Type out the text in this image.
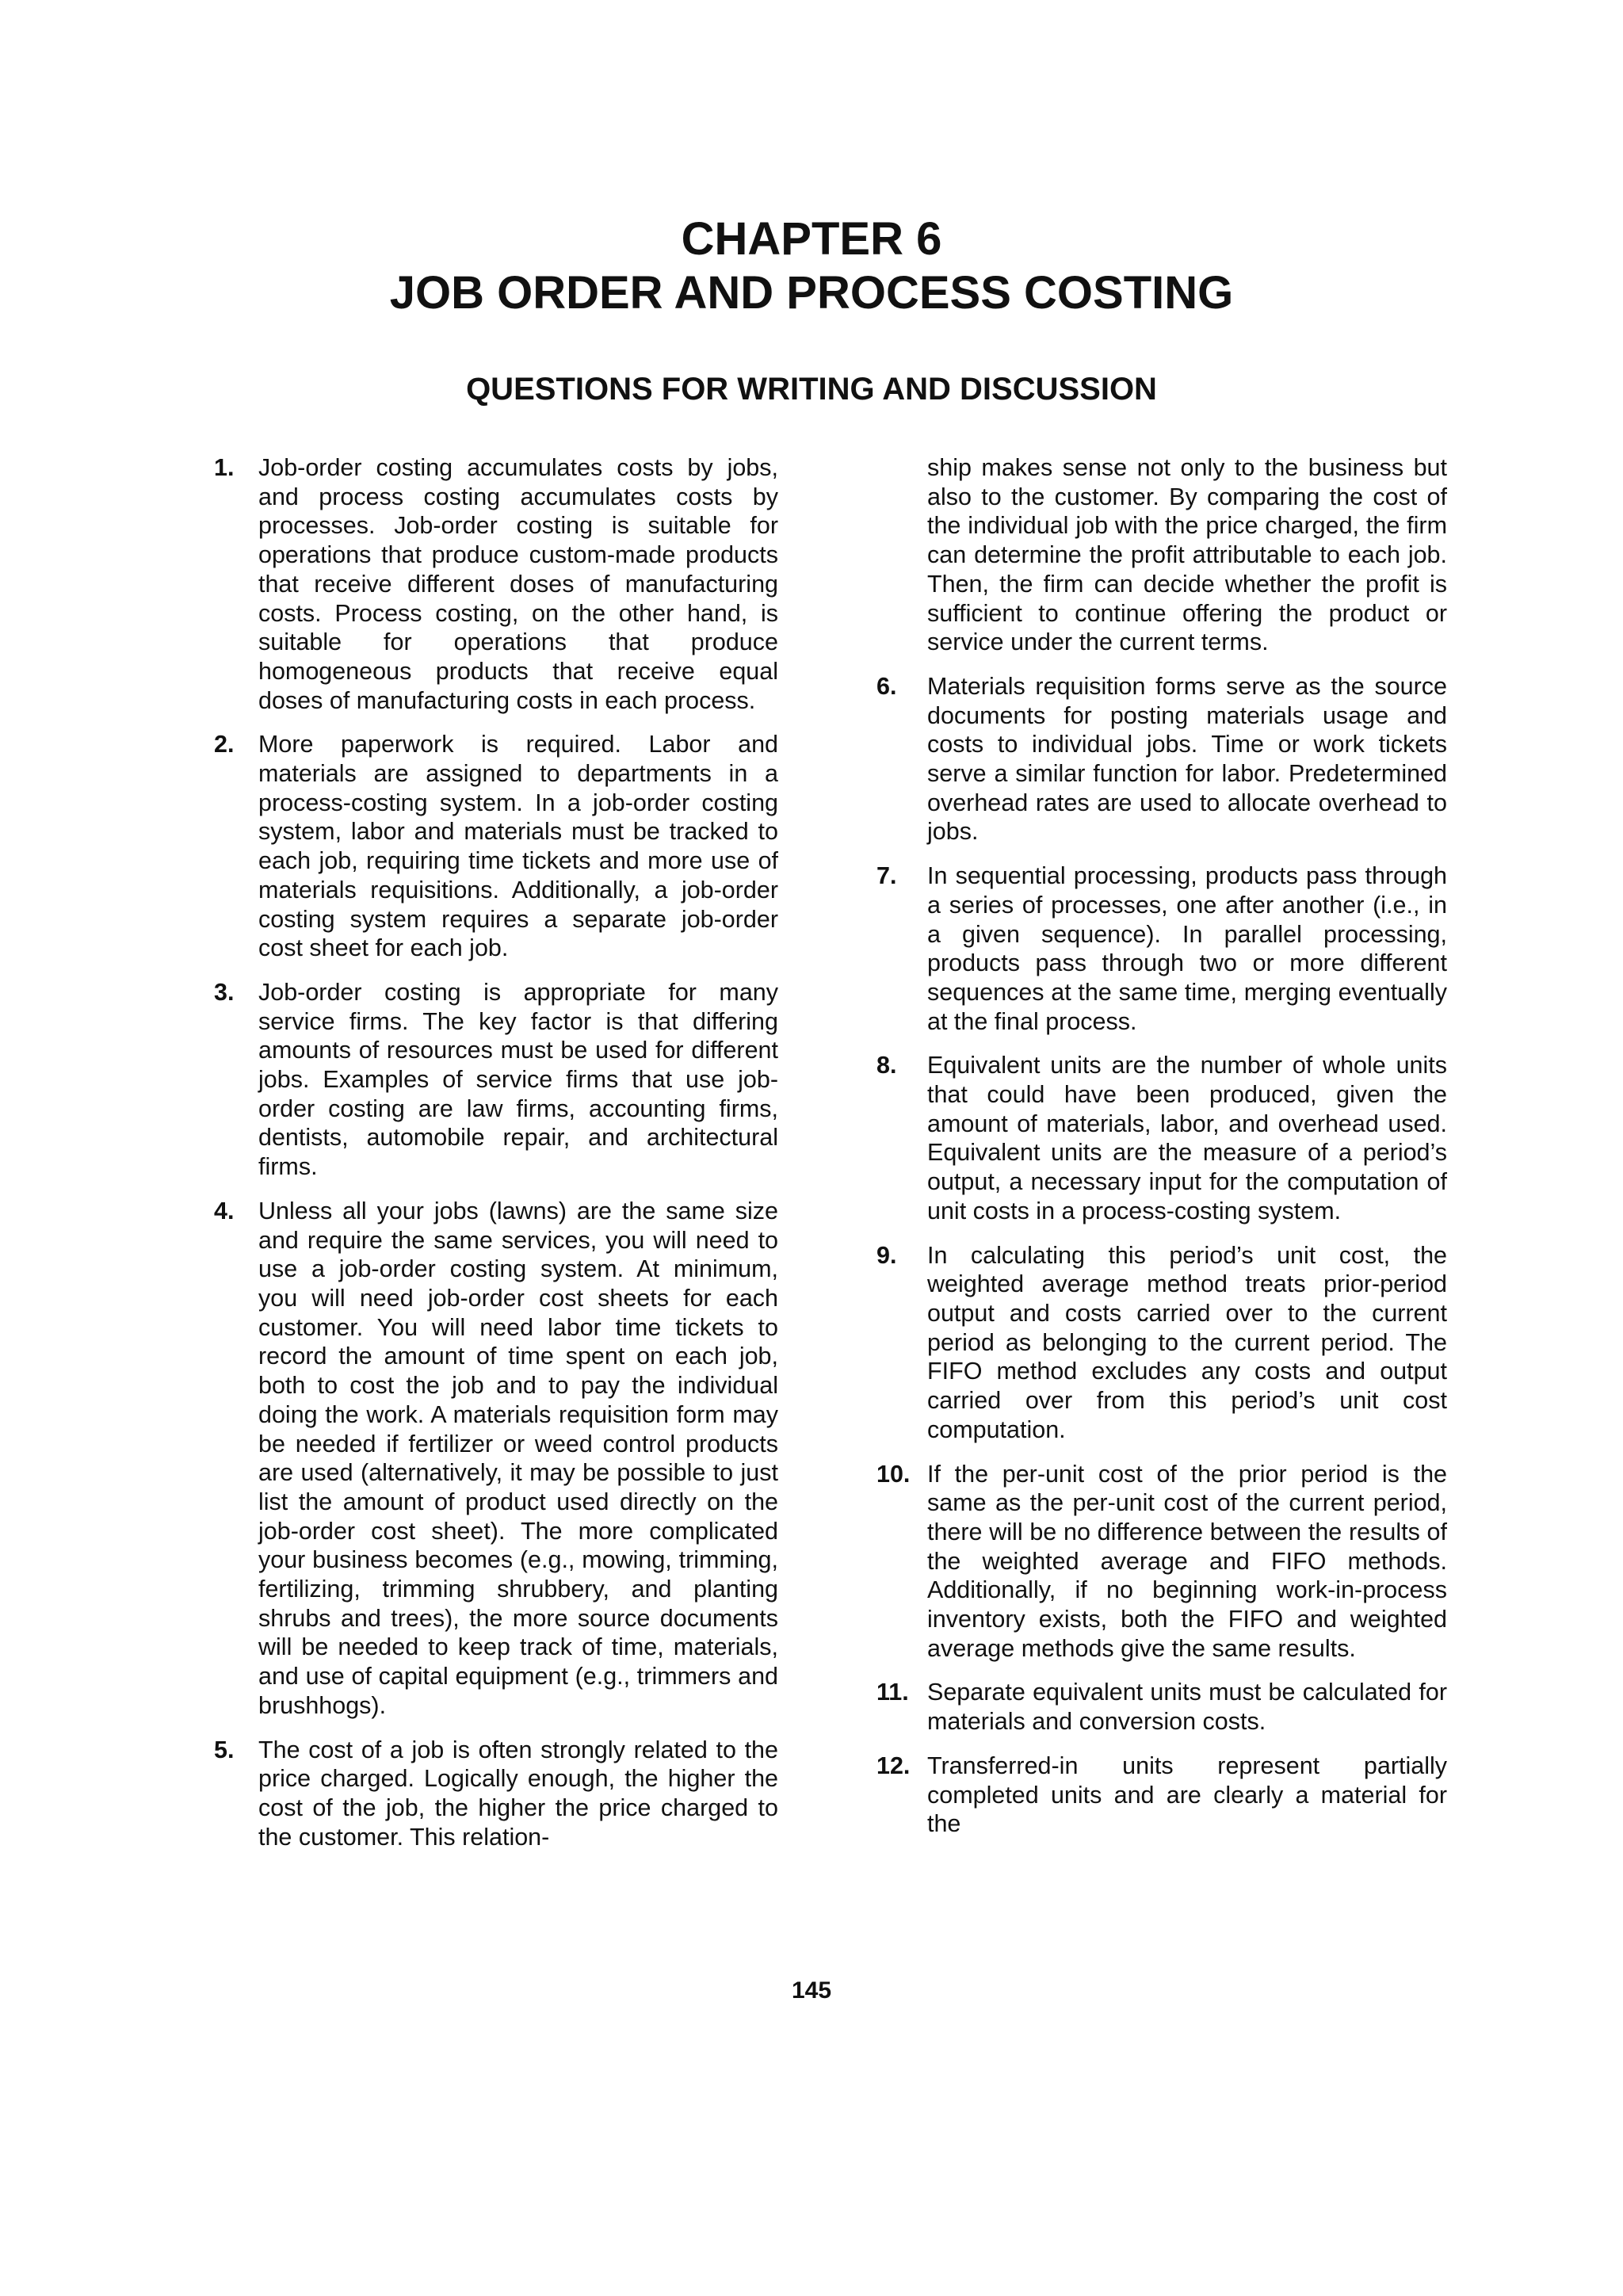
CHAPTER 6
JOB ORDER AND PROCESS COSTING
QUESTIONS FOR WRITING AND DISCUSSION
1. Job-order costing accumulates costs by jobs, and process costing accumulates costs by processes. Job-order costing is suitable for operations that produce custom-made products that receive different doses of manufacturing costs. Process costing, on the other hand, is suitable for operations that produce homogeneous products that receive equal doses of manufacturing costs in each process.
2. More paperwork is required. Labor and materials are assigned to departments in a process-costing system. In a job-order costing system, labor and materials must be tracked to each job, requiring time tickets and more use of materials requisitions. Additionally, a job-order costing system requires a separate job-order cost sheet for each job.
3. Job-order costing is appropriate for many service firms. The key factor is that differing amounts of resources must be used for different jobs. Examples of service firms that use job-order costing are law firms, accounting firms, dentists, automobile repair, and architectural firms.
4. Unless all your jobs (lawns) are the same size and require the same services, you will need to use a job-order costing system. At minimum, you will need job-order cost sheets for each customer. You will need labor time tickets to record the amount of time spent on each job, both to cost the job and to pay the individual doing the work. A materials requisition form may be needed if fertilizer or weed control products are used (alternatively, it may be possible to just list the amount of product used directly on the job-order cost sheet). The more complicated your business becomes (e.g., mowing, trimming, fertilizing, trimming shrubbery, and planting shrubs and trees), the more source documents will be needed to keep track of time, materials, and use of capital equipment (e.g., trimmers and brushhogs).
5. The cost of a job is often strongly related to the price charged. Logically enough, the higher the cost of the job, the higher the price charged to the customer. This relation-
ship makes sense not only to the business but also to the customer. By comparing the cost of the individual job with the price charged, the firm can determine the profit attributable to each job. Then, the firm can decide whether the profit is sufficient to continue offering the product or service under the current terms.
6. Materials requisition forms serve as the source documents for posting materials usage and costs to individual jobs. Time or work tickets serve a similar function for labor. Predetermined overhead rates are used to allocate overhead to jobs.
7. In sequential processing, products pass through a series of processes, one after another (i.e., in a given sequence). In parallel processing, products pass through two or more different sequences at the same time, merging eventually at the final process.
8. Equivalent units are the number of whole units that could have been produced, given the amount of materials, labor, and overhead used. Equivalent units are the measure of a period’s output, a necessary input for the computation of unit costs in a process-costing system.
9. In calculating this period’s unit cost, the weighted average method treats prior-period output and costs carried over to the current period as belonging to the current period. The FIFO method excludes any costs and output carried over from this period’s unit cost computation.
10. If the per-unit cost of the prior period is the same as the per-unit cost of the current period, there will be no difference between the results of the weighted average and FIFO methods. Additionally, if no beginning work-in-process inventory exists, both the FIFO and weighted average methods give the same results.
11. Separate equivalent units must be calculated for materials and conversion costs.
12. Transferred-in units represent partially completed units and are clearly a material for the
145
